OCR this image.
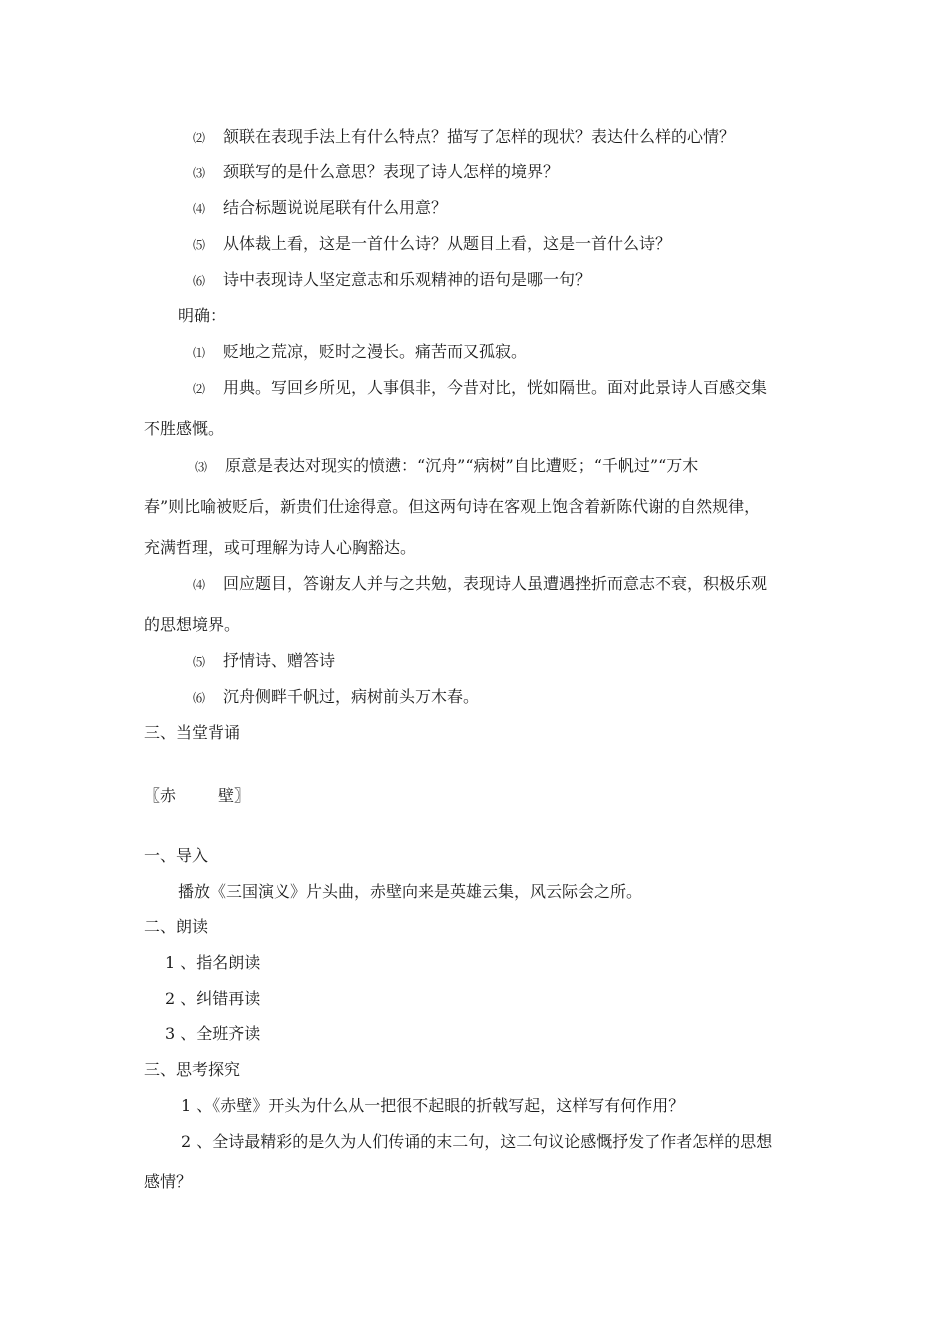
⑵ 颔联在表现手法上有什么特点？描写了怎样的现状？表达什么样的心情？
⑶ 颈联写的是什么意思？表现了诗人怎样的境界？
⑷ 结合标题说说尾联有什么用意？
⑸ 从体裁上看，这是一首什么诗？从题目上看，这是一首什么诗？
⑹ 诗中表现诗人坚定意志和乐观精神的语句是哪一句？
明确：
⑴ 贬地之荒凉，贬时之漫长。痛苦而又孤寂。
⑵ 用典。写回乡所见，人事俱非，今昔对比，恍如隔世。面对此景诗人百感交集
不胜感慨。
⑶ 原意是表达对现实的愤懑：“沉舟”“病树”自比遭贬；“千帆过”“万木
春”则比喻被贬后，新贵们仕途得意。但这两句诗在客观上饱含着新陈代谢的自然规律，
充满哲理，或可理解为诗人心胸豁达。
⑷ 回应题目，答谢友人并与之共勉，表现诗人虽遭遇挫折而意志不衰，积极乐观
的思想境界。
⑸ 抒情诗、赠答诗
⑹ 沉舟侧畔千帆过，病树前头万木春。
三、当堂背诵
〖赤	壁〗
一、导入
播放《三国演义》片头曲，赤壁向来是英雄云集，风云际会之所。
二、朗读
1 、指名朗读
2 、纠错再读
3 、全班齐读
三、思考探究
1 、《赤壁》开头为什么从一把很不起眼的折戟写起，这样写有何作用？
2 、全诗最精彩的是久为人们传诵的末二句，这二句议论感慨抒发了作者怎样的思想
感情？
